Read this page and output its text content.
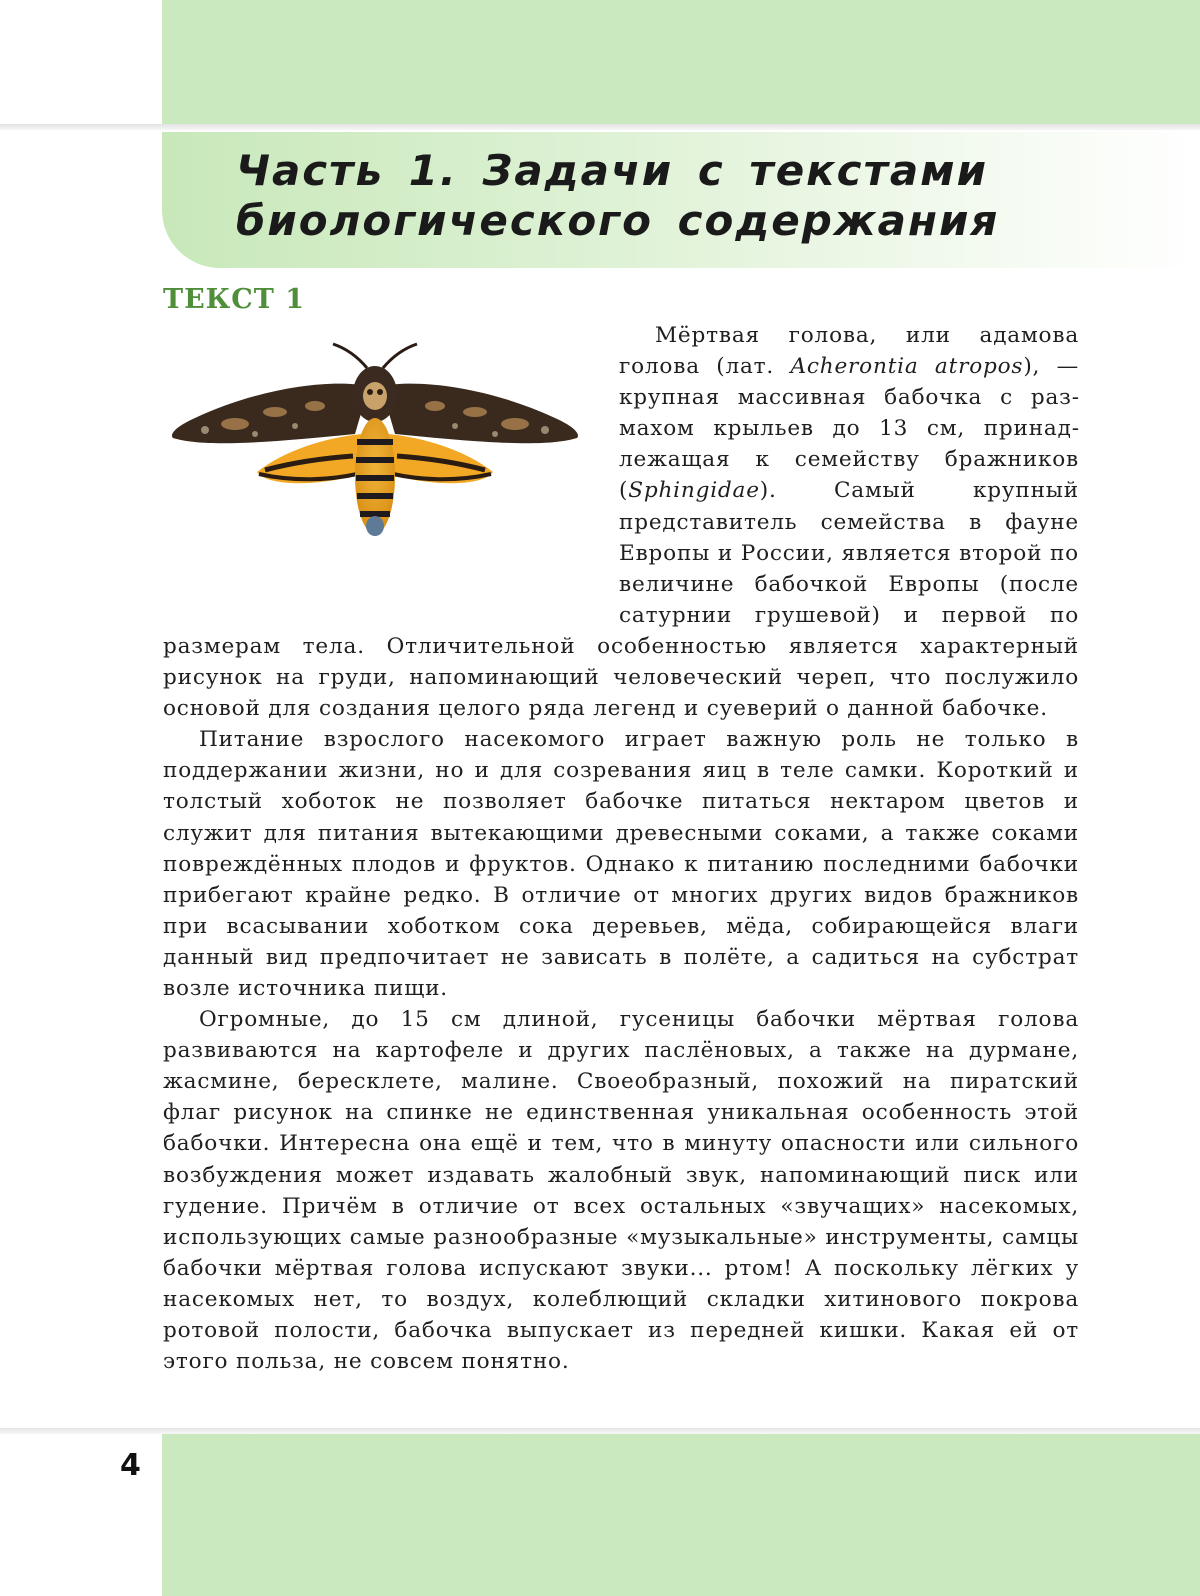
Часть 1. Задачи с текстами
биологического содержания
ТЕКСТ 1

Мёртвая голова, или адамова голова (лат. Acherontia atropos), — крупная массивная бабочка с размахом крыльев до 13 см, принадлежащая к семейству бражников (Sphingidae). Самый крупный представитель семейства в фауне Европы и России, является второй по величине бабочкой Европы (после сатурнии грушевой) и первой по размерам тела. Отличительной особенностью является характерный рисунок на груди, напоминающий человеческий череп, что послужило основой для создания целого ряда легенд и суеверий о данной бабочке.

Питание взрослого насекомого играет важную роль не только в поддержании жизни, но и для созревания яиц в теле самки. Короткий и толстый хоботок не позволяет бабочке питаться нектаром цветов и служит для питания вытекающими древесными соками, а также соками повреждённых плодов и фруктов. Однако к питанию последними бабочки прибегают крайне редко. В отличие от многих других видов бражников при всасывании хоботком сока деревьев, мёда, собирающейся влаги данный вид предпочитает не зависать в полёте, а садиться на субстрат возле источника пищи.

Огромные, до 15 см длиной, гусеницы бабочки мёртвая голова развиваются на картофеле и других паслёновых, а также на дурмане, жасмине, бересклете, малине. Своеобразный, похожий на пиратский флаг рисунок на спинке не единственная уникальная особенность этой бабочки. Интересна она ещё и тем, что в минуту опасности или сильного возбуждения может издавать жалобный звук, напоминающий писк или гудение. Причём в отличие от всех остальных «звучащих» насекомых, использующих самые разнообразные «музыкальные» инструменты, самцы бабочки мёртвая голова испускают звуки... ртом! А поскольку лёгких у насекомых нет, то воздух, колеблющий складки хитинового покрова ротовой полости, бабочка выпускает из передней кишки. Какая ей от этого польза, не совсем понятно.

4
